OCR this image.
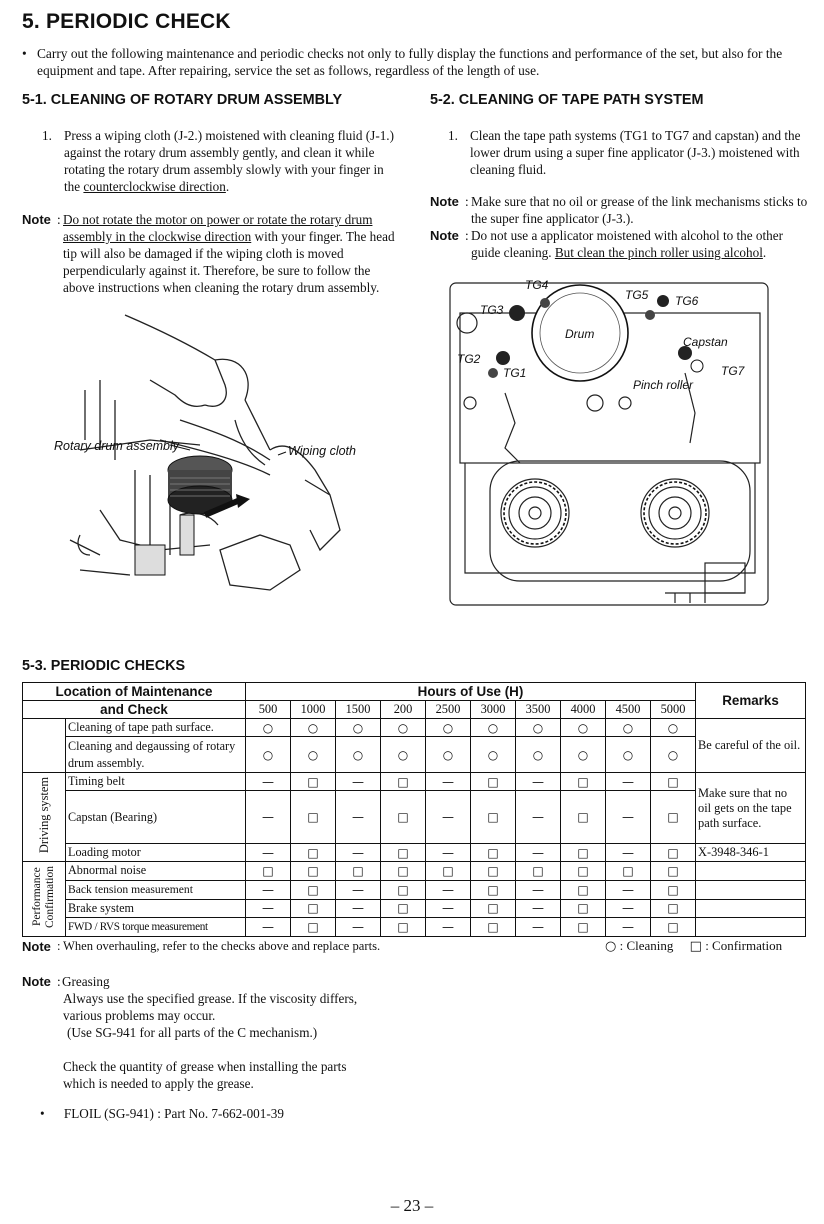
5. PERIODIC CHECK
• Carry out the following maintenance and periodic checks not only to fully display the functions and performance of the set, but also for the equipment and tape. After repairing, service the set as follows, regardless of the length of use.
5-1. CLEANING OF ROTARY DRUM ASSEMBLY	5-2. CLEANING OF TAPE PATH SYSTEM
1. Press a wiping cloth (J-2.) moistened with cleaning fluid (J-1.) against the rotary drum assembly gently, and clean it while rotating the rotary drum assembly slowly with your finger in the counterclockwise direction.
Note : Do not rotate the motor on power or rotate the rotary drum assembly in the clockwise direction with your finger. The head tip will also be damaged if the wiping cloth is moved perpendicularly against it. Therefore, be sure to follow the above instructions when cleaning the rotary drum assembly.
1. Clean the tape path systems (TG1 to TG7 and capstan) and the lower drum using a super fine applicator (J-3.) moistened with cleaning fluid.
Note : Make sure that no oil or grease of the link mechanisms sticks to the super fine applicator (J-3.).
Note : Do not use a applicator moistened with alcohol to the other guide cleaning. But clean the pinch roller using alcohol.
Rotary drum assembly	Wiping cloth
TG4
TG3
TG5 TG6
Drum
Capstan
TG2
TG1	TG7
Pinch roller
5-3. PERIODIC CHECKS
Location of Maintenance		Hours of Use (H)										Remarks
and Check		500	1000	1500	200	2500	3000	3500	4000	4500	5000	
	Cleaning of tape path surface.	○	○	○	○	○	○	○	○	○	○	Be careful of the oil.
	Cleaning and degaussing of rotary drum assembly.	○	○	○	○	○	○	○	○	○	○	
Driving system	Timing belt	—	□	—	□	—	□	—	□	—	□	Make sure that no oil gets on the tape path surface.
	Capstan (Bearing)	—	□	—	□	—	□	—	□	—	□	
	Loading motor	—	□	—	□	—	□	—	□	—	□	X-3948-346-1
Performance Confirmation	Abnormal noise	□	□	□	□	□	□	□	□	□	□	
	Back tension measurement	—	□	—	□	—	□	—	□	—	□	
	Brake system	—	□	—	□	—	□	—	□	—	□	
	FWD / RVS torque measurement	—	□	—	□	—	□	—	□	—	□	
Note : When overhauling, refer to the checks above and replace parts.	○ : Cleaning □ : Confirmation
Note : Greasing
Always use the specified grease. If the viscosity differs,
various problems may occur.
(Use SG-941 for all parts of the C mechanism.)
Check the quantity of grease when installing the parts
which is needed to apply the grease.
• FLOIL (SG-941) : Part No. 7-662-001-39
– 23 –
